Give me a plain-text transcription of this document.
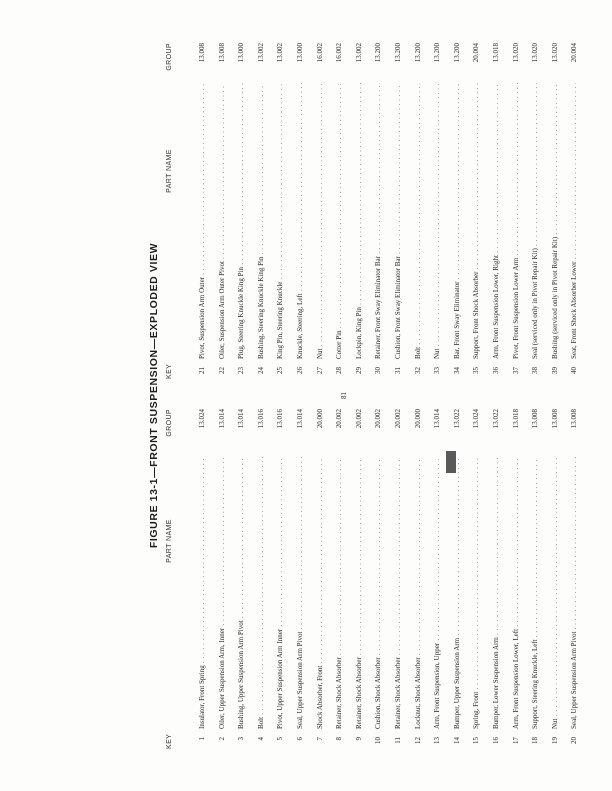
FIGURE 13-1—FRONT SUSPENSION—EXPLODED VIEW
KEY
PART NAME
GROUP
KEY
PART NAME
GROUP
1
Insulator, Front Spring . . .
13.024
2
Oiler, Upper Suspension Arm, Inner . . .
13.014
3
Bushing, Upper Suspension Arm Pivot . . .
13.014
4
Bolt . . .
13.016
5
Pivot, Upper Suspension Arm Inner . . .
13.016
6
Seal, Upper Suspension Arm Pivot . . .
13.014
7
Shock Absorber, Front . . .
20.000
8
Retainer, Shock Absorber . . .
20.002
9
Retainer, Shock Absorber . . .
20.002
10
Cushion, Shock Absorber . . .
20.002
11
Retainer, Shock Absorber . . .
20.002
12
Locknut, Shock Absorber . . .
20.000
13
Arm, Front Suspension, Upper . . .
13.014
14
Bumper, Upper Suspension Arm . . .
13.022
15
Spring, Front . . .
13.024
16
Bumper, Lower Suspension Arm . . .
13.022
17
Arm, Front Suspension Lower, Left . . .
13.018
18
Support, Steering Knuckle, Left . . .
13.008
19
Nut . . .
13.008
20
Seal, Upper Suspension Arm Pivot . . .
13.008
21
Pivot, Suspension Arm Outer . . .
13.008
22
Oiler, Suspension Arm Outer Pivot . . .
13.008
23
Plug, Steering Knuckle King Pin . . .
13.000
24
Bushing, Steering Knuckle King Pin . . .
13.002
25
King Pin, Steering Knuckle . . .
13.002
26
Knuckle, Steering, Left . . .
13.000
27
Nut . . .
16.002
28
Cotter Pin . . .
16.002
29
Lockpin, King Pin . . .
13.002
30
Retainer, Front Sway Eliminator Bar . . .
13.200
31
Cushion, Front Sway Eliminator Bar . . .
13.200
32
Bolt . . .
13.200
33
Nut . . .
13.200
34
Bar, Front Sway Eliminator . . .
13.200
35
Support, Front Shock Absorber . . .
20.004
36
Arm, Front Suspension Lower, Right . . .
13.018
37
Pivot, Front Suspension Lower Arm . . .
13.020
38
Seal (serviced only in Pivot Repair Kit) . . .
13.020
39
Bushing (serviced only in Pivot Repair Kit) . . .
13.020
40
Seat, Front Shock Absorber Lower . . .
20.004
81
